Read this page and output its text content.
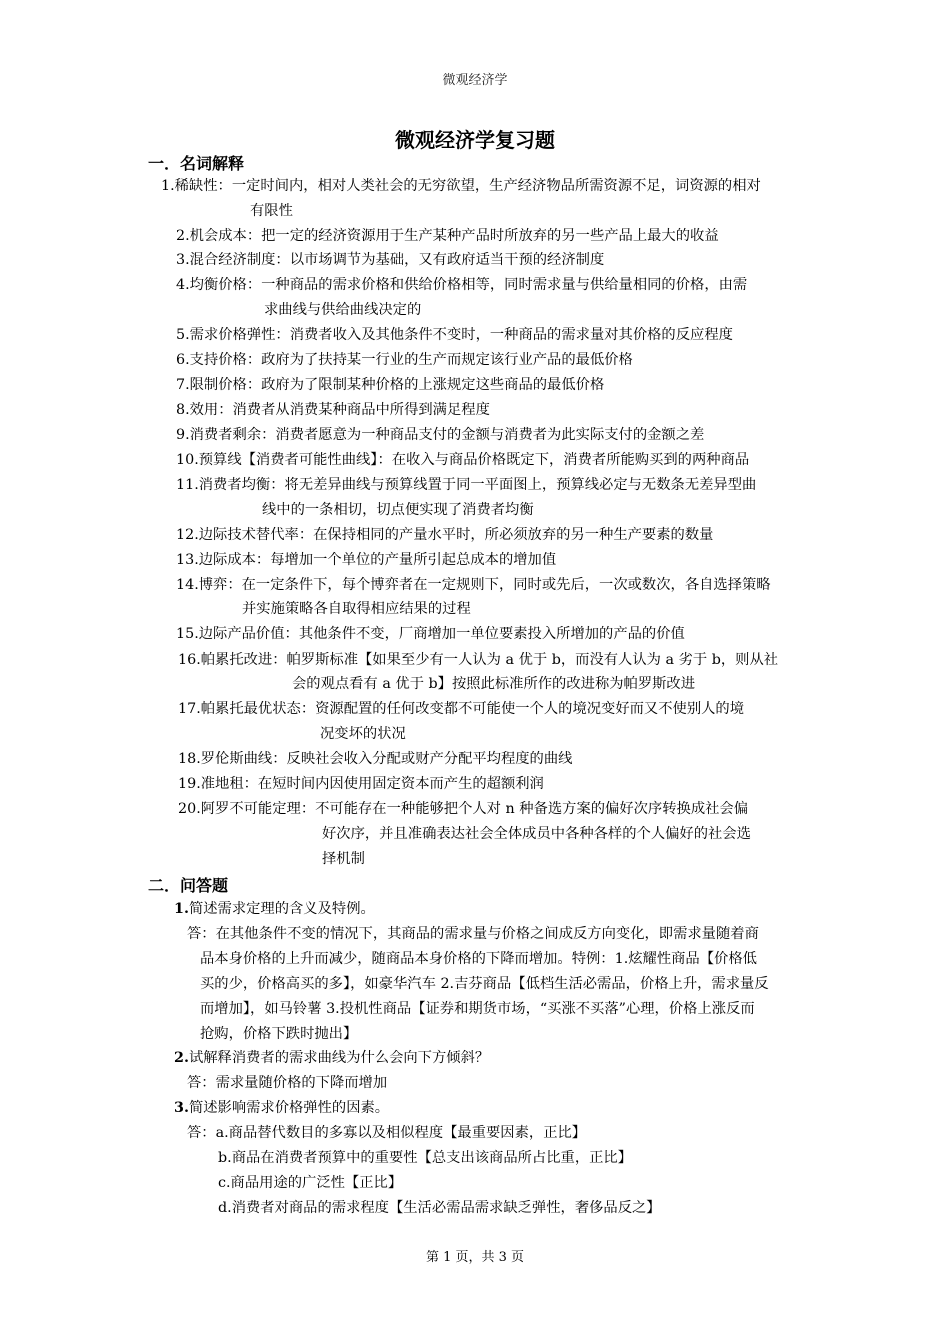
微观经济学
微观经济学复习题
一．名词解释
1.稀缺性：一定时间内，相对人类社会的无穷欲望，生产经济物品所需资源不足，词资源的相对
有限性
2.机会成本：把一定的经济资源用于生产某种产品时所放弃的另一些产品上最大的收益
3.混合经济制度：以市场调节为基础，又有政府适当干预的经济制度
4.均衡价格：一种商品的需求价格和供给价格相等，同时需求量与供给量相同的价格，由需
求曲线与供给曲线决定的
5.需求价格弹性：消费者收入及其他条件不变时，一种商品的需求量对其价格的反应程度
6.支持价格：政府为了扶持某一行业的生产而规定该行业产品的最低价格
7.限制价格：政府为了限制某种价格的上涨规定这些商品的最低价格
8.效用：消费者从消费某种商品中所得到满足程度
9.消费者剩余：消费者愿意为一种商品支付的金额与消费者为此实际支付的金额之差
10.预算线【消费者可能性曲线】：在收入与商品价格既定下，消费者所能购买到的两种商品
11.消费者均衡：将无差异曲线与预算线置于同一平面图上，预算线必定与无数条无差异型曲
线中的一条相切，切点便实现了消费者均衡
12.边际技术替代率：在保持相同的产量水平时，所必须放弃的另一种生产要素的数量
13.边际成本：每增加一个单位的产量所引起总成本的增加值
14.博弈：在一定条件下，每个博弈者在一定规则下，同时或先后，一次或数次，各自选择策略
并实施策略各自取得相应结果的过程
15.边际产品价值：其他条件不变，厂商增加一单位要素投入所增加的产品的价值
16.帕累托改进：帕罗斯标准【如果至少有一人认为 a 优于 b，而没有人认为 a 劣于 b，则从社
会的观点看有 a 优于 b】按照此标准所作的改进称为帕罗斯改进
17.帕累托最优状态：资源配置的任何改变都不可能使一个人的境况变好而又不使别人的境
况变坏的状况
18.罗伦斯曲线：反映社会收入分配或财产分配平均程度的曲线
19.准地租：在短时间内因使用固定资本而产生的超额利润
20.阿罗不可能定理：不可能存在一种能够把个人对 n 种备选方案的偏好次序转换成社会偏
好次序，并且准确表达社会全体成员中各种各样的个人偏好的社会选
择机制
二．问答题
1.简述需求定理的含义及特例。
答：在其他条件不变的情况下，其商品的需求量与价格之间成反方向变化，即需求量随着商
品本身价格的上升而减少，随商品本身价格的下降而增加。特例：1.炫耀性商品【价格低
买的少，价格高买的多】，如豪华汽车 2.吉芬商品【低档生活必需品，价格上升，需求量反
而增加】，如马铃薯 3.投机性商品【证券和期货市场，“买涨不买落”心理，价格上涨反而
抢购，价格下跌时抛出】
2.试解释消费者的需求曲线为什么会向下方倾斜？
答：需求量随价格的下降而增加
3.简述影响需求价格弹性的因素。
答：a.商品替代数目的多寡以及相似程度【最重要因素，正比】
b.商品在消费者预算中的重要性【总支出该商品所占比重，正比】
c.商品用途的广泛性【正比】
d.消费者对商品的需求程度【生活必需品需求缺乏弹性，奢侈品反之】
第 1 页，共 3 页
